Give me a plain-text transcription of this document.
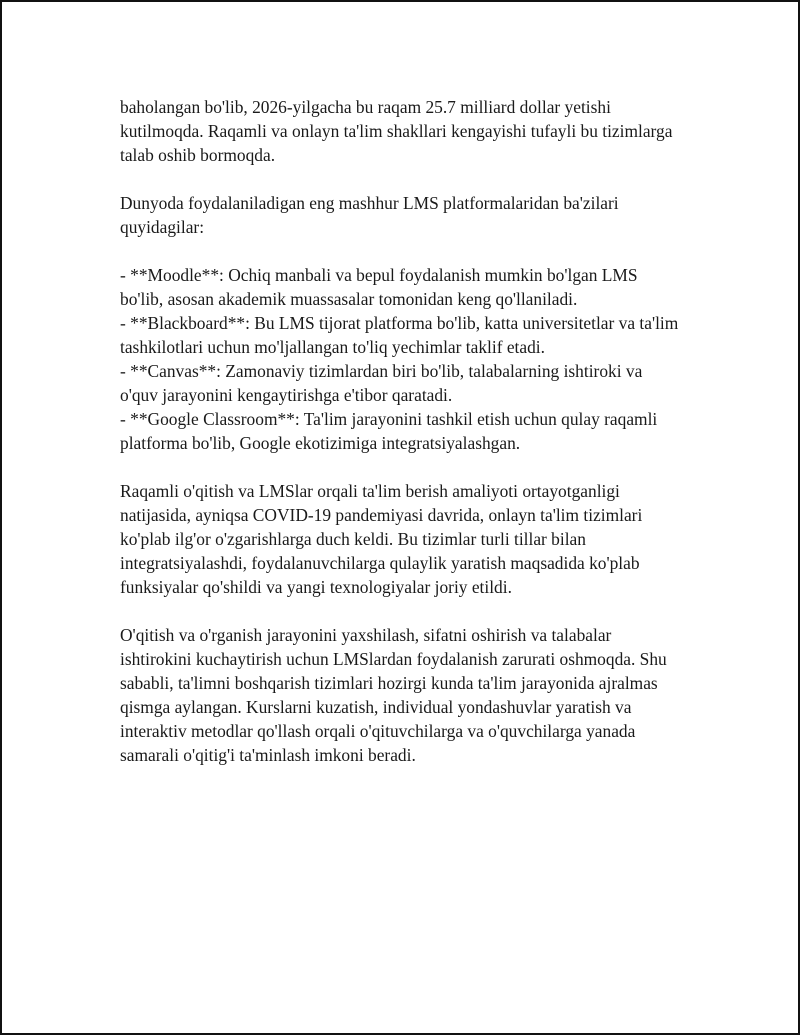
baholangan bo'lib, 2026-yilgacha bu raqam 25.7 milliard dollar yetishi kutilmoqda. Raqamli va onlayn ta'lim shakllari kengayishi tufayli bu tizimlarga talab oshib bormoqda.

Dunyoda foydalaniladigan eng mashhur LMS platformalaridan ba'zilari quyidagilar:

- **Moodle**: Ochiq manbali va bepul foydalanish mumkin bo'lgan LMS bo'lib, asosan akademik muassasalar tomonidan keng qo'llaniladi.

- **Blackboard**: Bu LMS tijorat platforma bo'lib, katta universitetlar va ta'lim tashkilotlari uchun mo'ljallangan to'liq yechimlar taklif etadi.

- **Canvas**: Zamonaviy tizimlardan biri bo'lib, talabalarning ishtiroki va o'quv jarayonini kengaytirishga e'tibor qaratadi.

- **Google Classroom**: Ta'lim jarayonini tashkil etish uchun qulay raqamli platforma bo'lib, Google ekotizimiga integratsiyalashgan.

Raqamli o'qitish va LMSlar orqali ta'lim berish amaliyoti ortayotganligi natijasida, ayniqsa COVID-19 pandemiyasi davrida, onlayn ta'lim tizimlari ko'plab ilg'or o'zgarishlarga duch keldi. Bu tizimlar turli tillar bilan integratsiyalashdi, foydalanuvchilarga qulaylik yaratish maqsadida ko'plab funksiyalar qo'shildi va yangi texnologiyalar joriy etildi.

O'qitish va o'rganish jarayonini yaxshilash, sifatni oshirish va talabalar ishtirokini kuchaytirish uchun LMSlardan foydalanish zarurati oshmoqda. Shu sababli, ta'limni boshqarish tizimlari hozirgi kunda ta'lim jarayonida ajralmas qismga aylangan. Kurslarni kuzatish, individual yondashuvlar yaratish va interaktiv metodlar qo'llash orqali o'qituvchilarga va o'quvchilarga yanada samarali o'qitig'i ta'minlash imkoni beradi.
